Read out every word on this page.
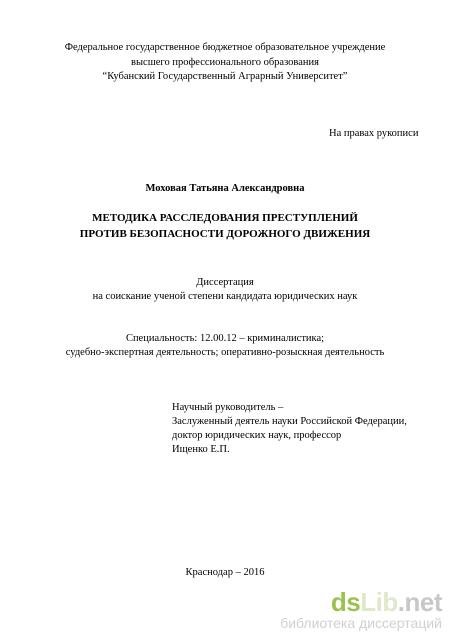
Федеральное государственное бюджетное образовательное учреждение
высшего профессионального образования
“Кубанский Государственный Аграрный Университет”
На правах рукописи
Моховая Татьяна Александровна
МЕТОДИКА РАССЛЕДОВАНИЯ ПРЕСТУПЛЕНИЙ
ПРОТИВ БЕЗОПАСНОСТИ ДОРОЖНОГО ДВИЖЕНИЯ
Диссертация
на соискание ученой степени кандидата юридических наук
Специальность: 12.00.12 – криминалистика;
судебно-экспертная деятельность; оперативно-розыскная деятельность
Научный руководитель –
Заслуженный деятель науки Российской Федерации,
доктор юридических наук, профессор
Ищенко Е.П.
Краснодар – 2016
dsLib.net
библиотека диссертаций
